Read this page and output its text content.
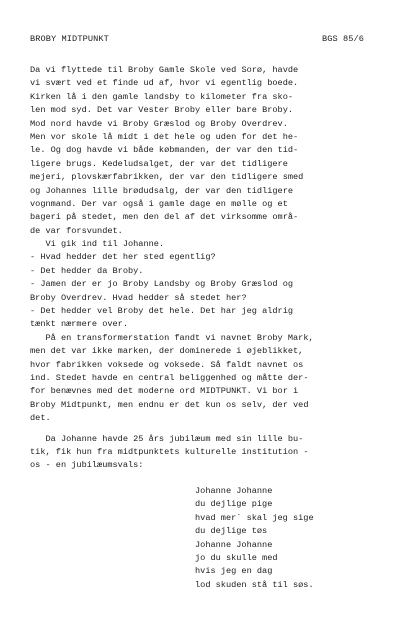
BROBY MIDTPUNKT	BGS 85/6
Da vi flyttede til Broby Gamle Skole ved Sorø, havde
vi svært ved et finde ud af, hvor vi egentlig boede.
Kirken lå i den gamle landsby to kilometer fra sko-
len mod syd. Det var Vester Broby eller bare Broby.
Mod nord havde vi Broby Græslod og Broby Overdrev.
Men vor skole lå midt i det hele og uden for det he-
le. Og dog havde vi både købmanden, der var den tid-
ligere brugs. Kedeludsalget, der var det tidligere
mejeri, plovskærfabrikken, der var den tidligere smed
og Johannes lille brødudsalg, der var den tidligere
vognmand. Der var også i gamle dage en mølle og et
bageri på stedet, men den del af det virksomme områ-
de var forsvundet.
Vi gik ind til Johanne.
- Hvad hedder det her sted egentlig?
- Det hedder da Broby.
- Jamen der er jo Broby Landsby og Broby Græslod og
Broby Overdrev. Hvad hedder så stedet her?
- Det hedder vel Broby det hele. Det har jeg aldrig
tænkt nærmere over.
På en transformerstation fandt vi navnet Broby Mark,
men det var ikke marken, der dominerede i øjeblikket,
hvor fabrikken voksede og voksede. Så faldt navnet os
ind. Stedet havde en central beliggenhed og måtte der-
for benævnes med det moderne ord MIDTPUNKT. Vi bor i
Broby Midtpunkt, men endnu er det kun os selv, der ved
det.
Da Johanne havde 25 års jubilæum med sin lille bu-
tik, fik hun fra midtpunktets kulturelle institution -
os - en jubilæumsvals:
Johanne Johanne
du dejlige pige
hvad mer´ skal jeg sige
du dejlige tøs
Johanne Johanne
jo du skulle med
hvis jeg en dag
lod skuden stå til søs.
